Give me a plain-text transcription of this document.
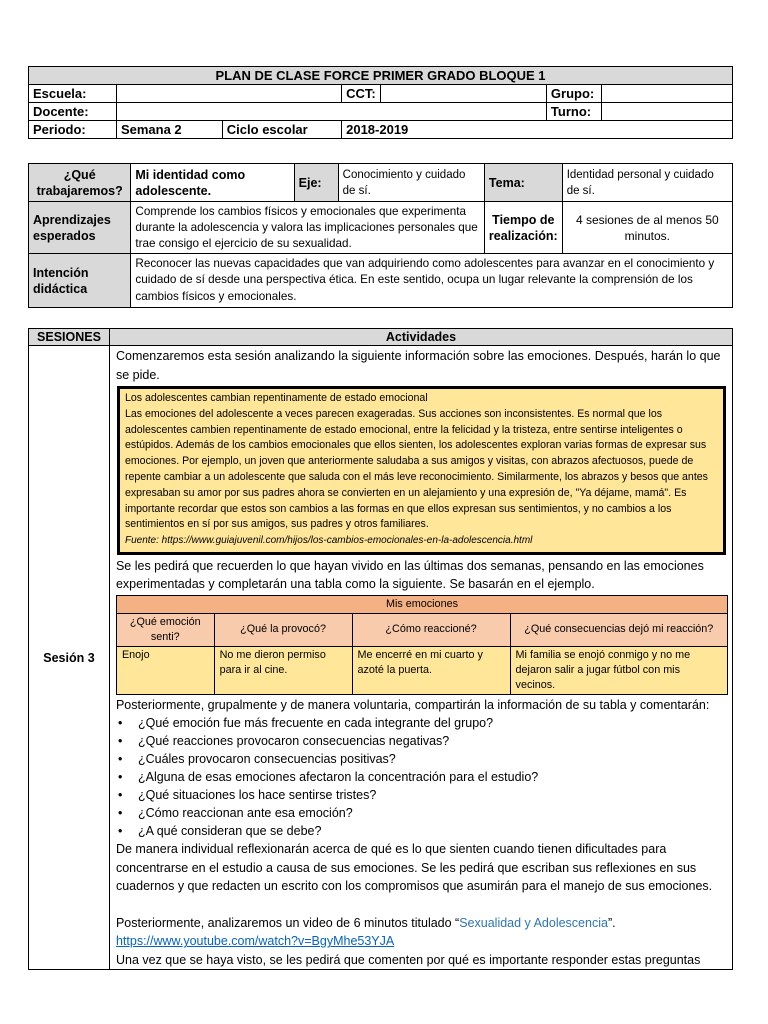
PLAN DE CLASE FORCE PRIMER GRADO BLOQUE 1						
Escuela:			CCT:		Grupo:	
Docente:					Turno:	
Periodo:	Semana 2	Ciclo escolar	2018-2019			
¿Qué trabajaremos?	Mi identidad como adolescente.	Eje:	Conocimiento y cuidado de sí.	Tema:	Identidad personal y cuidado de sí.
Aprendizajes esperados	Comprende los cambios físicos y emocionales que experimenta durante la adolescencia y valora las implicaciones personales que trae consigo el ejercicio de su sexualidad.			Tiempo de realización:	4 sesiones de al menos 50 minutos.
Intención didáctica	Reconocer las nuevas capacidades que van adquiriendo como adolescentes para avanzar en el conocimiento y cuidado de sí desde una perspectiva ética. En este sentido, ocupa un lugar relevante la comprensión de los cambios físicos y emocionales.				
SESIONES	Actividades
Sesión 3	
Comenzaremos esta sesión analizando la siguiente información sobre las emociones. Después, harán lo que se pide.
Los adolescentes cambian repentinamente de estado emocional
Las emociones del adolescente a veces parecen exageradas. Sus acciones son inconsistentes. Es normal que los adolescentes cambien repentinamente de estado emocional, entre la felicidad y la tristeza, entre sentirse inteligentes o estúpidos. Además de los cambios emocionales que ellos sienten, los adolescentes exploran varias formas de expresar sus emociones. Por ejemplo, un joven que anteriormente saludaba a sus amigos y visitas, con abrazos afectuosos, puede de repente cambiar a un adolescente que saluda con el más leve reconocimiento. Similarmente, los abrazos y besos que antes expresaban su amor por sus padres ahora se convierten en un alejamiento y una expresión de, "Ya déjame, mamá". Es importante recordar que estos son cambios a las formas en que ellos expresan sus sentimientos, y no cambios a los sentimientos en sí por sus amigos, sus padres y otros familiares.
Fuente: https://www.guiajuvenil.com/hijos/los-cambios-emocionales-en-la-adolescencia.html
Se les pedirá que recuerden lo que hayan vivido en las últimas dos semanas, pensando en las emociones experimentadas y completarán una tabla como la siguiente. Se basarán en el ejemplo.
Mis emociones
¿Qué emoción senti?	¿Qué la provocó?	¿Cómo reaccioné?	¿Qué consecuencias dejó mi reacción?
Enojo	No me dieron permiso para ir al cine.	Me encerré en mi cuarto y azoté la puerta.	Mi familia se enojó conmigo y no me dejaron salir a jugar fútbol con mis vecinos.
Posteriormente, grupalmente y de manera voluntaria, compartirán la información de su tabla y comentarán:
• ¿Qué emoción fue más frecuente en cada integrante del grupo?
• ¿Qué reacciones provocaron consecuencias negativas?
• ¿Cuáles provocaron consecuencias positivas?
• ¿Alguna de esas emociones afectaron la concentración para el estudio?
• ¿Qué situaciones los hace sentirse tristes?
• ¿Cómo reaccionan ante esa emoción?
• ¿A qué consideran que se debe?
De manera individual reflexionarán acerca de qué es lo que sienten cuando tienen dificultades para concentrarse en el estudio a causa de sus emociones. Se les pedirá que escriban sus reflexiones en sus cuadernos y que redacten un escrito con los compromisos que asumirán para el manejo de sus emociones.
Posteriormente, analizaremos un video de 6 minutos titulado “Sexualidad y Adolescencia”.
https://www.youtube.com/watch?v=BgyMhe53YJA
Una vez que se haya visto, se les pedirá que comenten por qué es importante responder estas preguntas
